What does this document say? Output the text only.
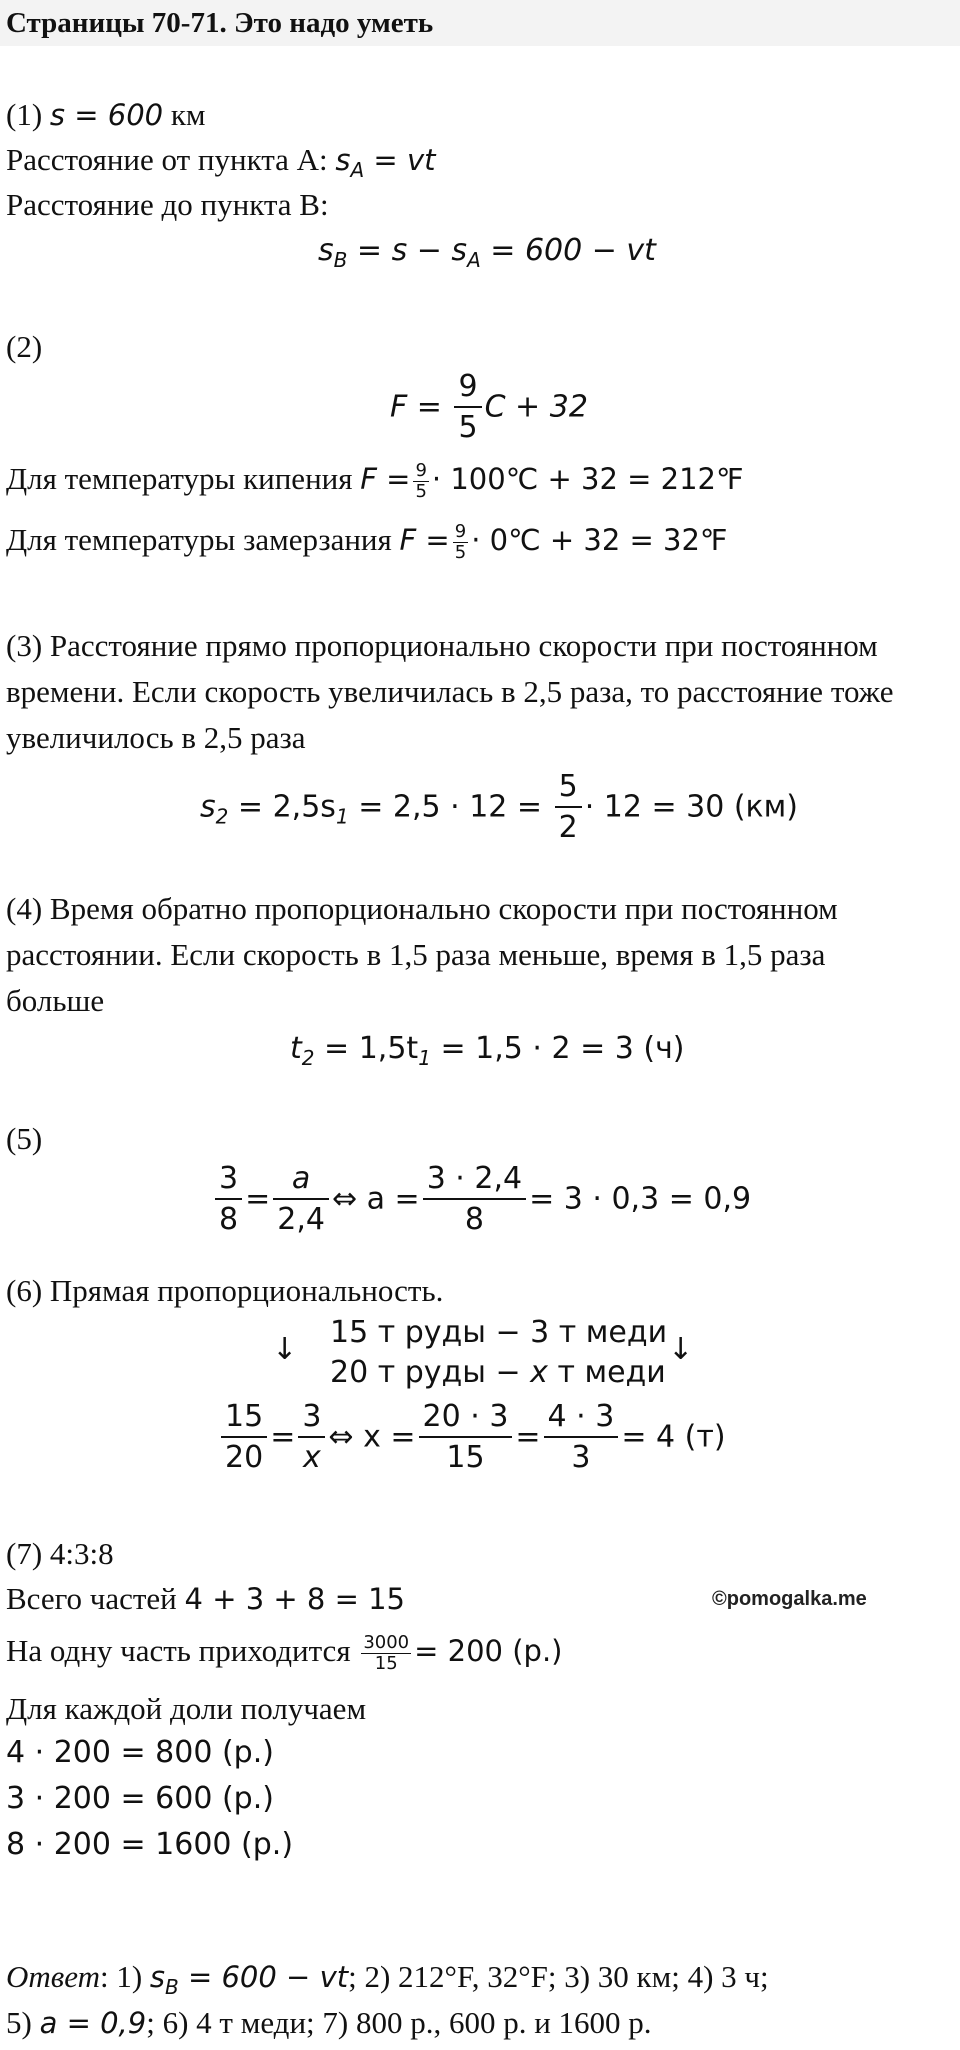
Страницы 70-71. Это надо уметь
(1) s = 600 км
Расстояние от пункта А: $s_A$ = vt
Расстояние до пункта В:
$s_B = s - s_A = 600$ − vt
(2)
$F = \frac{9}{5}$ C + 32
Для температуры кипения $F = \frac{9}{5}$ · 100℃ + 32 = 212℉
Для температуры замерзания $F = \frac{9}{5}$ · 0℃ + 32 = 32℉
(3) Расстояние прямо пропорционально скорости при постоянном
времени. Если скорость увеличилась в 2,5 раза, то расстояние тоже
увеличилось в 2,5 раза
$s_2 = 2,5s_1 = 2,5 \cdot 12 = \frac{5}{2} \cdot 12 = 30$ (км)
(4) Время обратно пропорционально скорости при постоянном
расстоянии. Если скорость в 1,5 раза меньше, время в 1,5 раза
больше
$t_2 = 1,5t_1 = 1,5 \cdot 2 = 3$ (ч)
(5)
$\frac{3}{8} = \frac{a}{2,4}$ ⇔ $a = \frac{3 \cdot 2,4}{8} = 3 \cdot 0,3 = 0,9$
(6) Прямая пропорциональность.
↓	↓
15 т руды − 3 т меди
20 т руды − x т меди
$\frac{15}{20} = \frac{3}{x}$ ⇔ $x = \frac{20 \cdot 3}{15} = \frac{4 \cdot 3}{3} = 4$ (т)
(7) 4:3:8
Всего частей 4 + 3 + 8 = 15	©pomogalka.me
На одну часть приходится $\frac{3000}{15} = 200$ (р.)
Для каждой доли получаем
4 · 200 = 800 (р.)
3 · 200 = 600 (р.)
8 · 200 = 1600 (р.)
Ответ: 1) $s_B = 600$ − vt; 2) 212°F, 32°F; 3) 30 км; 4) 3 ч;
5) a = 0,9; 6) 4 т меди; 7) 800 р., 600 р. и 1600 р.
